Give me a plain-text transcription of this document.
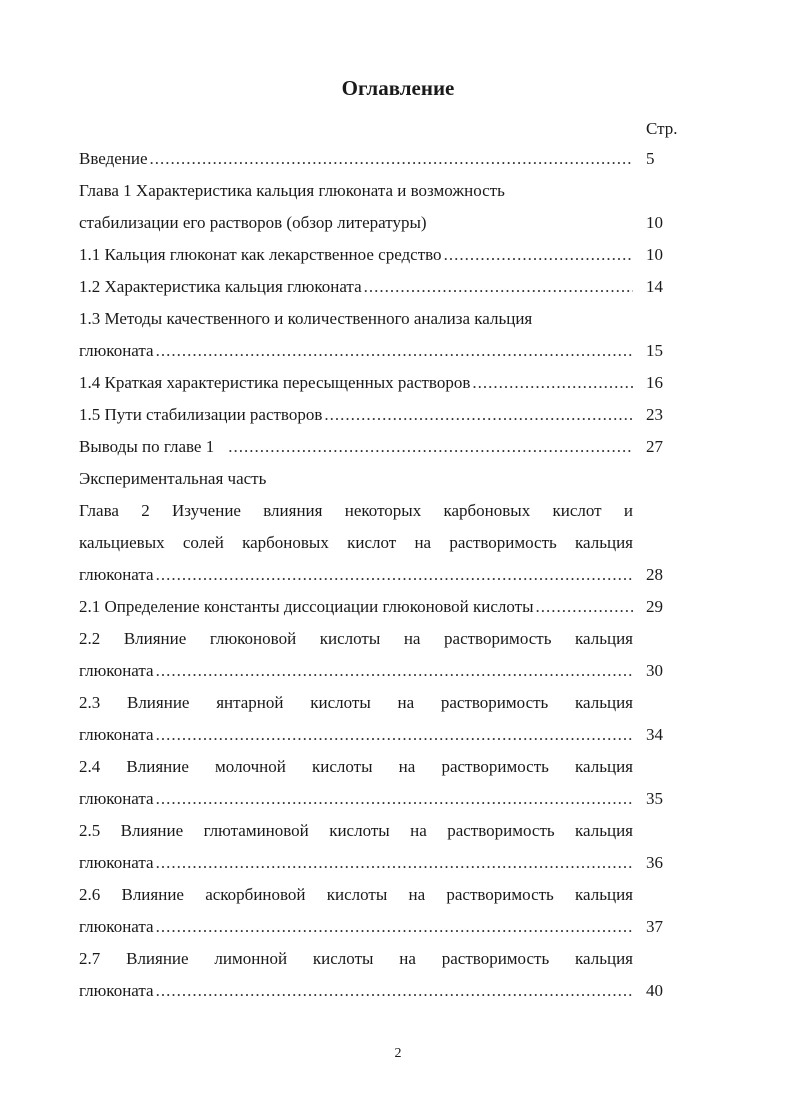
Оглавление
Стр.
Введение .....	5
Глава 1 Характеристика кальция глюконата и возможность
стабилизации его растворов (обзор литературы)	10
1.1 Кальция глюконат как лекарственное средство .....	10
1.2 Характеристика кальция глюконата .....	14
1.3 Методы качественного и количественного анализа кальция
глюконата .....	15
1.4 Краткая характеристика пересыщенных растворов .....	16
1.5 Пути стабилизации растворов .....	23
Выводы по главе 1 .....	27
Экспериментальная часть
Глава 2 Изучение влияния некоторых карбоновых кислот и
кальциевых солей карбоновых кислот на растворимость кальция
глюконата .....	28
2.1 Определение константы диссоциации глюконовой кислоты .....	29
2.2 Влияние глюконовой кислоты на растворимость кальция
глюконата .....	30
2.3 Влияние янтарной кислоты на растворимость кальция
глюконата .....	34
2.4 Влияние молочной кислоты на растворимость кальция
глюконата .....	35
2.5 Влияние глютаминовой кислоты на растворимость кальция
глюконата .....	36
2.6 Влияние аскорбиновой кислоты на растворимость кальция
глюконата .....	37
2.7 Влияние лимонной кислоты на растворимость кальция
глюконата .....	40
2
